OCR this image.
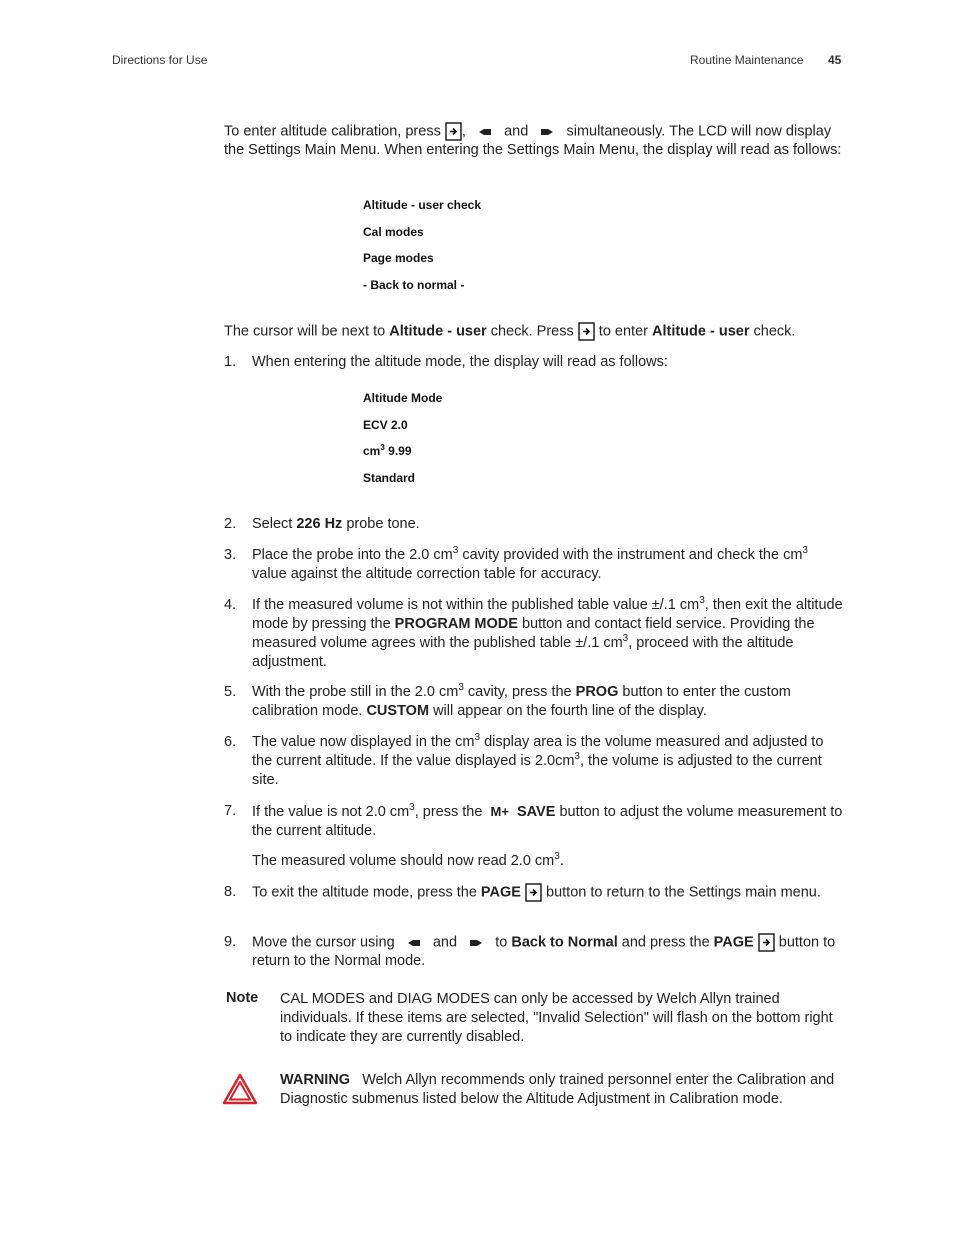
Directions for Use	Routine Maintenance 45

To enter altitude calibration, press ,	and	simultaneously. The LCD will now display the Settings Main Menu. When entering the Settings Main Menu, the display will read as follows:

Altitude - user check
Cal modes
Page modes
- Back to normal -

The cursor will be next to Altitude - user check. Press to enter Altitude - user check.

1. When entering the altitude mode, the display will read as follows:
Altitude Mode
ECV 2.0
$cm^3$ 9.99
Standard
2. Select 226 Hz probe tone.
3. Place the probe into the 2.0 $cm^3$ cavity provided with the instrument and check the $cm^3$ value against the altitude correction table for accuracy.
4. If the measured volume is not within the published table value ±/.1 $cm^3$, then exit the altitude mode by pressing the PROGRAM MODE button and contact field service. Providing the measured volume agrees with the published table ±/.1 $cm^3$, proceed with the altitude adjustment.
5. With the probe still in the 2.0 $cm^3$ cavity, press the PROG button to enter the custom calibration mode. CUSTOM will appear on the fourth line of the display.
6. The value now displayed in the $cm^3$ display area is the volume measured and adjusted to the current altitude. If the value displayed is $2.0cm^3$, the volume is adjusted to the current site.
7. If the value is not 2.0 $cm^3$, press the M+ SAVE button to adjust the volume measurement to the current altitude.
The measured volume should now read 2.0 $cm^3$.
8. To exit the altitude mode, press the PAGE button to return to the Settings main menu.
9. Move the cursor using	and	to Back to Normal and press the PAGE button to return to the Normal mode.
Note CAL MODES and DIAG MODES can only be accessed by Welch Allyn trained individuals. If these items are selected, "Invalid Selection" will flash on the bottom right to indicate they are currently disabled.
WARNING Welch Allyn recommends only trained personnel enter the Calibration and Diagnostic submenus listed below the Altitude Adjustment in Calibration mode.
